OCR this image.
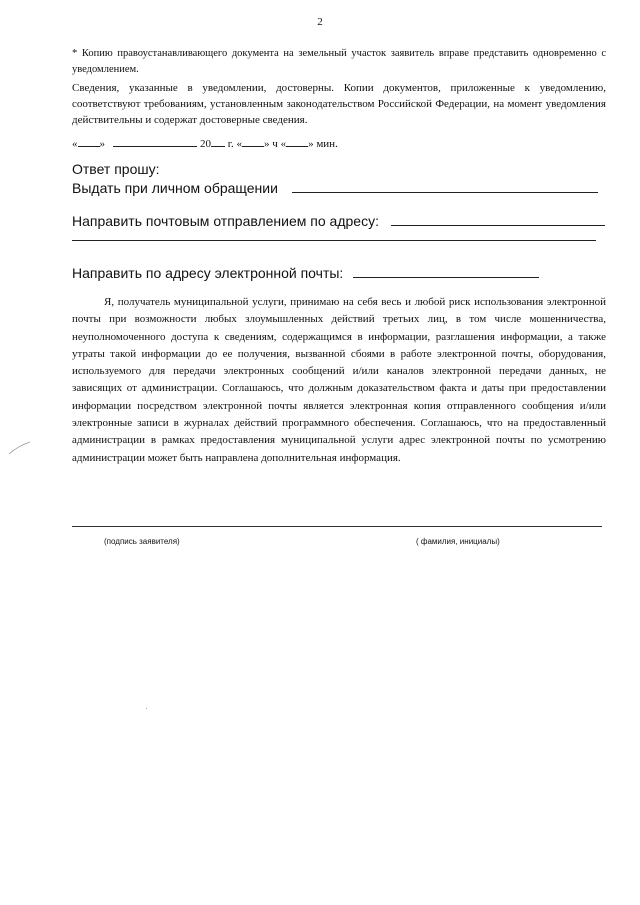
2
* Копию правоустанавливающего документа на земельный участок заявитель вправе представить одновременно с уведомлением.
Сведения, указанные в уведомлении, достоверны. Копии документов, приложенные к уведомлению, соответствуют требованиям, установленным законодательством Российской Федерации, на момент уведомления действительны и содержат достоверные сведения.
« »	20 г. « » ч « » мин.
Ответ прошу:
Выдать при личном обращении
Направить почтовым отправлением по адресу:
Направить по адресу электронной почты:
Я, получатель муниципальной услуги, принимаю на себя весь и любой риск использования электронной почты при возможности любых злоумышленных действий третьих лиц, в том числе мошенничества, неуполномоченного доступа к сведениям, содержащимся в информации, разглашения информации, а также утраты такой информации до ее получения, вызванной сбоями в работе электронной почты, оборудования, используемого для передачи электронных сообщений и/или каналов электронной передачи данных, не зависящих от администрации. Соглашаюсь, что должным доказательством факта и даты при предоставлении информации посредством электронной почты является электронная копия отправленного сообщения и/или электронные записи в журналах действий программного обеспечения. Соглашаюсь, что на предоставленный администрации в рамках предоставления муниципальной услуги адрес электронной почты по усмотрению администрации может быть направлена дополнительная информация.
(подпись заявителя)	( фамилия, инициалы)
